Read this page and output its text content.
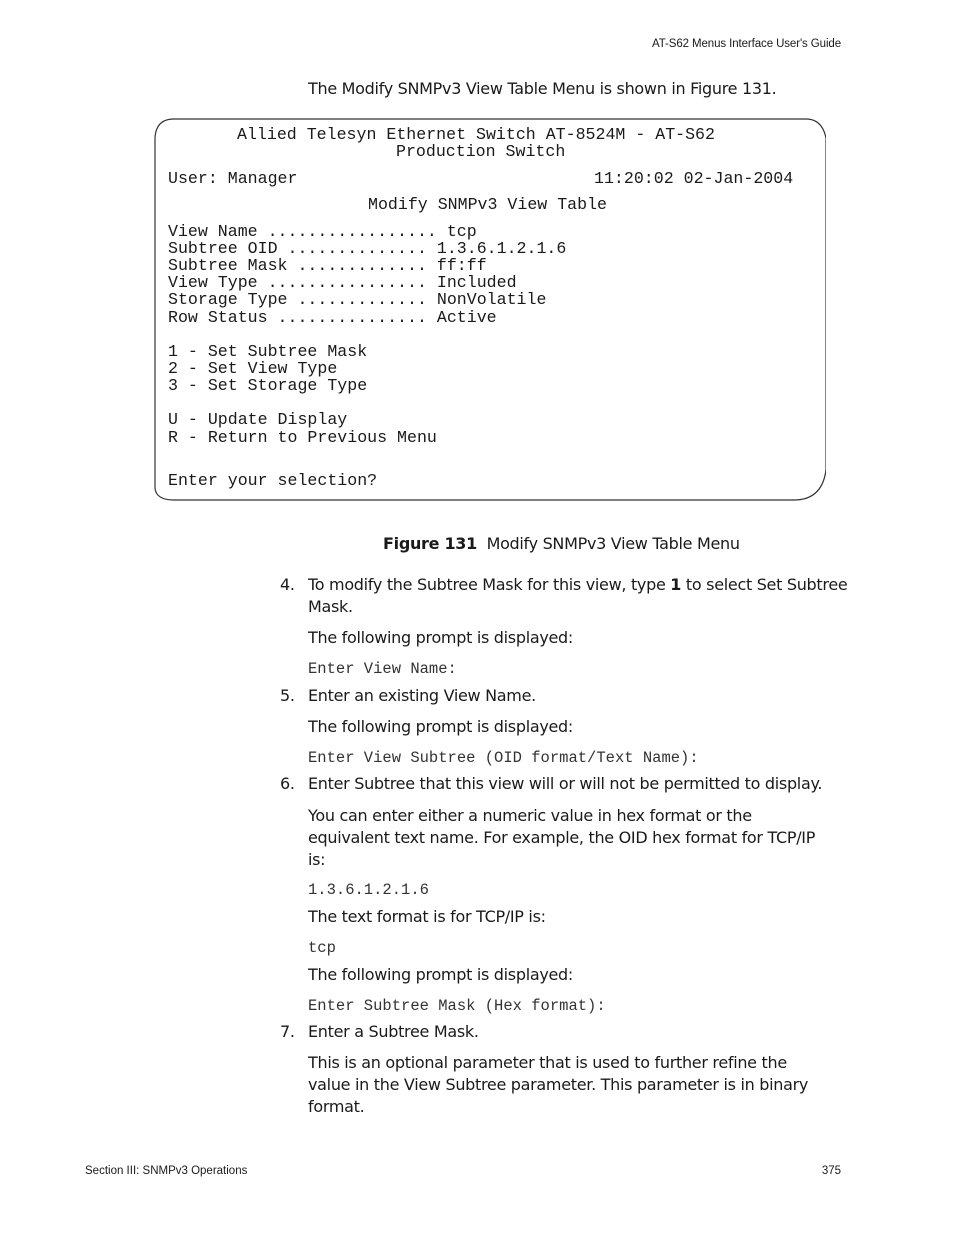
AT-S62 Menus Interface User's Guide
The Modify SNMPv3 View Table Menu is shown in Figure 131.
Allied Telesyn Ethernet Switch AT-8524M - AT-S62
Production Switch
User: Manager	11:20:02 02-Jan-2004
Modify SNMPv3 View Table
View Name ................. tcp
Subtree OID .............. 1.3.6.1.2.1.6
Subtree Mask ............. ff:ff
View Type ................ Included
Storage Type ............. NonVolatile
Row Status ............... Active
1 - Set Subtree Mask
2 - Set View Type
3 - Set Storage Type
U - Update Display
R - Return to Previous Menu
Enter your selection?
Figure 131 Modify SNMPv3 View Table Menu
4. To modify the Subtree Mask for this view, type 1 to select Set Subtree
Mask.
The following prompt is displayed:
Enter View Name:
5. Enter an existing View Name.
The following prompt is displayed:
Enter View Subtree (OID format/Text Name):
6. Enter Subtree that this view will or will not be permitted to display.
You can enter either a numeric value in hex format or the
equivalent text name. For example, the OID hex format for TCP/IP
is:
1.3.6.1.2.1.6
The text format is for TCP/IP is:
tcp
The following prompt is displayed:
Enter Subtree Mask (Hex format):
7. Enter a Subtree Mask.
This is an optional parameter that is used to further refine the
value in the View Subtree parameter. This parameter is in binary
format.
Section III: SNMPv3 Operations	375
